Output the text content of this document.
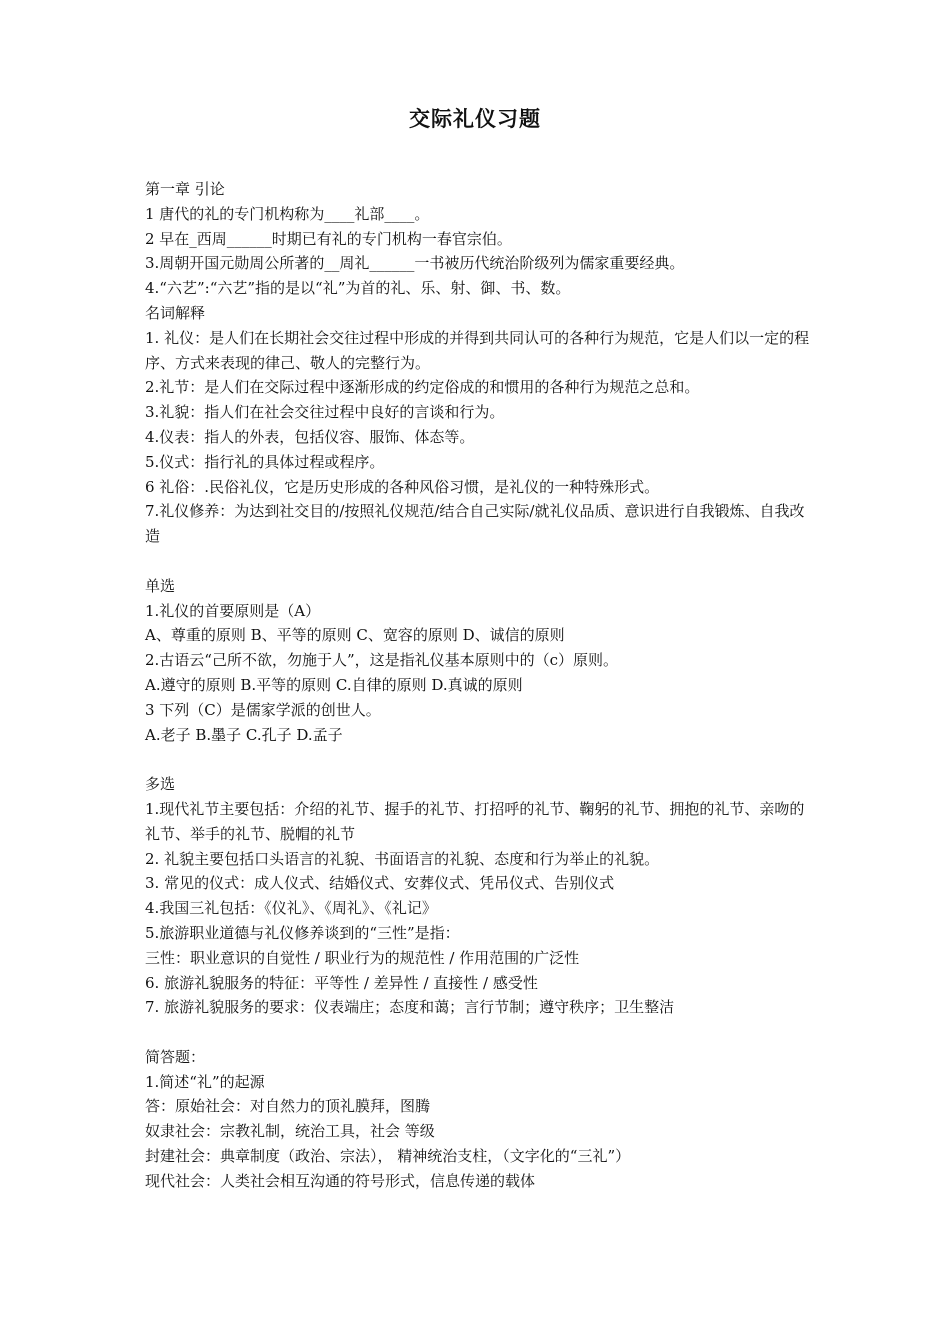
交际礼仪习题
第一章 引论
1 唐代的礼的专门机构称为____礼部____。
2 早在_西周______时期已有礼的专门机构一春官宗伯。
3.周朝开国元勋周公所著的__周礼______一书被历代统治阶级列为儒家重要经典。
4.“六艺”:“六艺”指的是以“礼”为首的礼、乐、射、御、书、数。
名词解释
1. 礼仪：是人们在长期社会交往过程中形成的并得到共同认可的各种行为规范，它是人们以一定的程序、方式来表现的律己、敬人的完整行为。
2.礼节：是人们在交际过程中逐渐形成的约定俗成的和惯用的各种行为规范之总和。
3.礼貌：指人们在社会交往过程中良好的言谈和行为。
4.仪表：指人的外表，包括仪容、服饰、体态等。
5.仪式：指行礼的具体过程或程序。
6 礼俗：.民俗礼仪，它是历史形成的各种风俗习惯，是礼仪的一种特殊形式。
7.礼仪修养：为达到社交目的/按照礼仪规范/结合自己实际/就礼仪品质、意识进行自我锻炼、自我改造
单选
1.礼仪的首要原则是（A）
A、尊重的原则 B、平等的原则 C、宽容的原则 D、诚信的原则
2.古语云“己所不欲，勿施于人”，这是指礼仪基本原则中的（c）原则。
A.遵守的原则 B.平等的原则 C.自律的原则 D.真诚的原则
3 下列（C）是儒家学派的创世人。
A.老子 B.墨子 C.孔子 D.孟子
多选
1.现代礼节主要包括：介绍的礼节、握手的礼节、打招呼的礼节、鞠躬的礼节、拥抱的礼节、亲吻的礼节、举手的礼节、脱帽的礼节
2. 礼貌主要包括口头语言的礼貌、书面语言的礼貌、态度和行为举止的礼貌。
3. 常见的仪式：成人仪式、结婚仪式、安葬仪式、凭吊仪式、告别仪式
4.我国三礼包括：《仪礼》、《周礼》、《礼记》
5.旅游职业道德与礼仪修养谈到的“三性”是指：
三性：职业意识的自觉性 / 职业行为的规范性 / 作用范围的广泛性
6. 旅游礼貌服务的特征：平等性 / 差异性 / 直接性 / 感受性
7. 旅游礼貌服务的要求：仪表端庄；态度和蔼；言行节制；遵守秩序；卫生整洁
简答题：
1.简述“礼”的起源
答：原始社会：对自然力的顶礼膜拜，图腾
奴隶社会：宗教礼制，统治工具，社会 等级
封建社会：典章制度（政治、宗法）， 精神统治支柱，（文字化的“三礼”）
现代社会：人类社会相互沟通的符号形式，信息传递的载体
